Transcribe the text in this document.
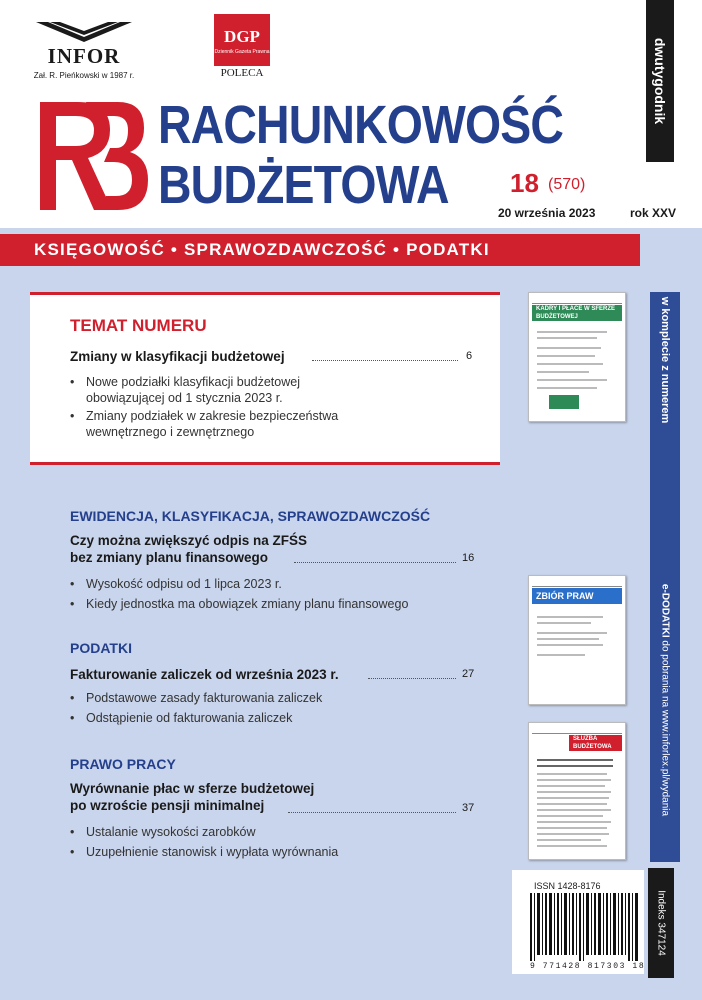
INFOR
Zał. R. Pieńkowski w 1987 r.
DGP
Dziennik Gazeta Prawna
POLECA
RACHUNKOWOŚĆ
BUDŻETOWA 18 (570)
20 września 2023	rok XXV
dwutygodnik
KSIĘGOWOŚĆ • SPRAWOZDAWCZOŚĆ • PODATKI
TEMAT NUMERU
Zmiany w klasyfikacji budżetowej	6
• Nowe podziałki klasyfikacji budżetowej
obowiązującej od 1 stycznia 2023 r.
• Zmiany podziałek w zakresie bezpieczeństwa
wewnętrznego i zewnętrznego
EWIDENCJA, KLASYFIKACJA, SPRAWOZDAWCZOŚĆ
Czy można zwiększyć odpis na ZFŚS
bez zmiany planu finansowego	16
• Wysokość odpisu od 1 lipca 2023 r.
• Kiedy jednostka ma obowiązek zmiany planu finansowego
PODATKI
Fakturowanie zaliczek od września 2023 r.	27
• Podstawowe zasady fakturowania zaliczek
• Odstąpienie od fakturowania zaliczek
PRAWO PRACY
Wyrównanie płac w sferze budżetowej
po wzroście pensji minimalnej	37
• Ustalanie wysokości zarobków
• Uzupełnienie stanowisk i wypłata wyrównania
w komplecie z numerem
e-DODATKI do pobrania na www.inforlex.pl/wydania
KADRY I PŁACE W SFERZE BUDŻETOWEJ
ZBIÓR PRAW
SŁUŻBA BUDŻETOWA
ISSN 1428-8176
9 771428 817303 18
Indeks 347124
